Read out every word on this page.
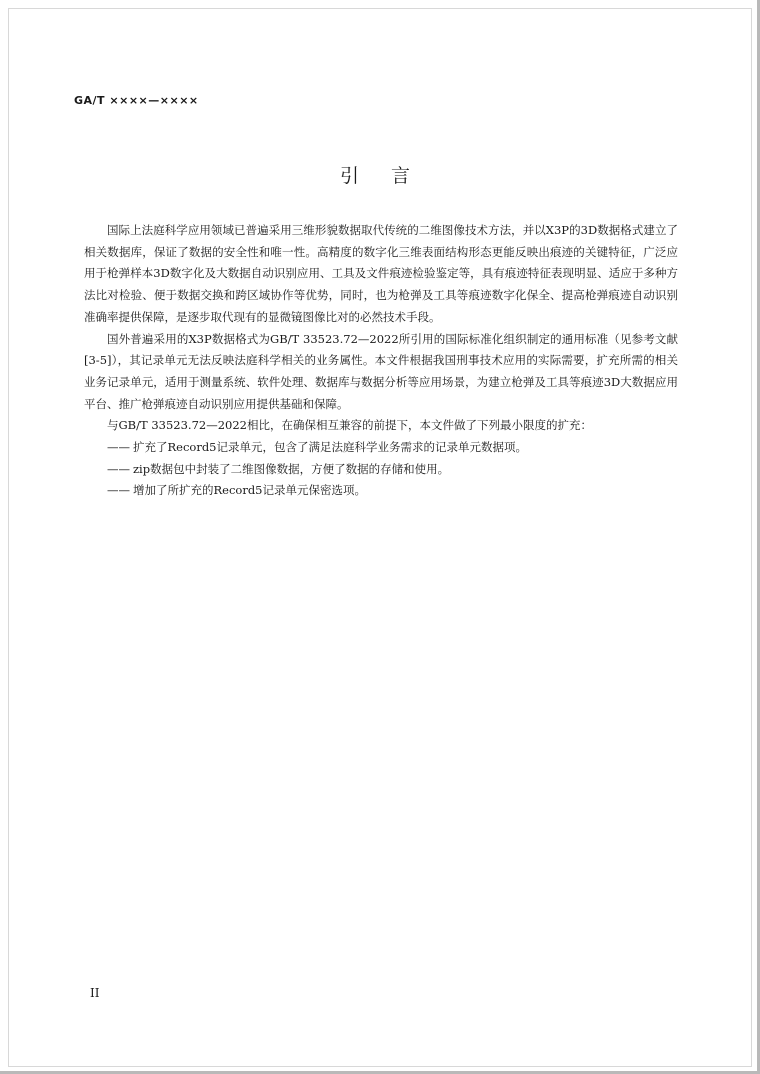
GA/T ××××—××××
引言

国际上法庭科学应用领域已普遍采用三维形貌数据取代传统的二维图像技术方法，并以X3P的3D数据格式建立了相关数据库，保证了数据的安全性和唯一性。高精度的数字化三维表面结构形态更能反映出痕迹的关键特征，广泛应用于枪弹样本3D数字化及大数据自动识别应用、工具及文件痕迹检验鉴定等，具有痕迹特征表现明显、适应于多种方法比对检验、便于数据交换和跨区域协作等优势，同时，也为枪弹及工具等痕迹数字化保全、提高枪弹痕迹自动识别准确率提供保障，是逐步取代现有的显微镜图像比对的必然技术手段。

国外普遍采用的X3P数据格式为GB/T 33523.72—2022所引用的国际标准化组织制定的通用标准（见参考文献[3-5]），其记录单元无法反映法庭科学相关的业务属性。本文件根据我国刑事技术应用的实际需要，扩充所需的相关业务记录单元，适用于测量系统、软件处理、数据库与数据分析等应用场景，为建立枪弹及工具等痕迹3D大数据应用平台、推广枪弹痕迹自动识别应用提供基础和保障。

与GB/T 33523.72—2022相比，在确保相互兼容的前提下，本文件做了下列最小限度的扩充：

—— 扩充了Record5记录单元，包含了满足法庭科学业务需求的记录单元数据项。

—— zip数据包中封装了二维图像数据，方便了数据的存储和使用。

—— 增加了所扩充的Record5记录单元保密选项。

II
